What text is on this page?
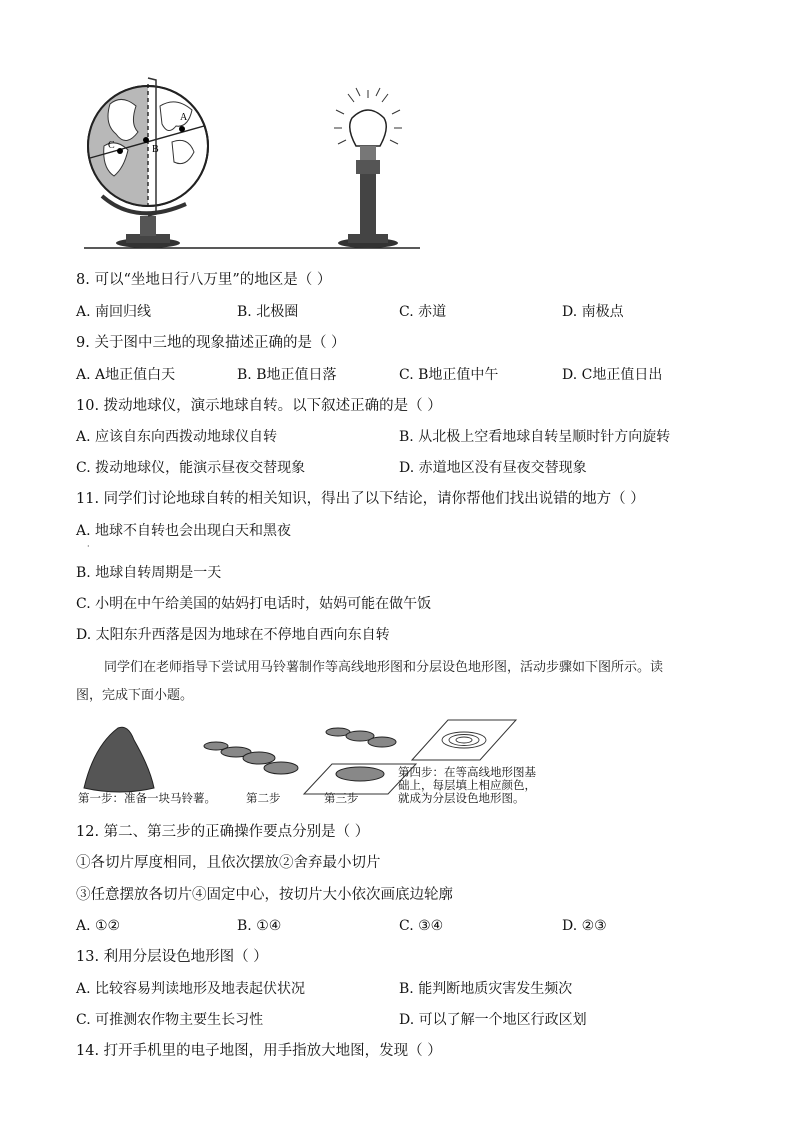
A
B
C
8. 可以“坐地日行八万里”的地区是（ ）
A. 南回归线	B. 北极圈	C. 赤道	D. 南极点
9. 关于图中三地的现象描述正确的是（ ）
A. A地正值白天	B. B地正值日落	C. B地正值中午	D. C地正值日出
10. 拨动地球仪，演示地球自转。以下叙述正确的是（ ）
A. 应该自东向西拨动地球仪自转	B. 从北极上空看地球自转呈顺时针方向旋转
C. 拨动地球仪，能演示昼夜交替现象	D. 赤道地区没有昼夜交替现象
11. 同学们讨论地球自转的相关知识，得出了以下结论，请你帮他们找出说错的地方（ ）
A. 地球不自转也会出现白天和黑夜
·
B. 地球自转周期是一天
C. 小明在中午给美国的姑妈打电话时，姑妈可能在做午饭
D. 太阳东升西落是因为地球在不停地自西向东自转
同学们在老师指导下尝试用马铃薯制作等高线地形图和分层设色地形图，活动步骤如下图所示。读
图，完成下面小题。
第一步：准备一块马铃薯。	第二步	第三步
第四步：在等高线地形图基
础上，每层填上相应颜色，
就成为分层设色地形图。
12. 第二、第三步的正确操作要点分别是（ ）
①各切片厚度相同，且依次摆放②舍弃最小切片
③任意摆放各切片④固定中心，按切片大小依次画底边轮廓
A. ①②	B. ①④	C. ③④	D. ②③
13. 利用分层设色地形图（ ）
A. 比较容易判读地形及地表起伏状况	B. 能判断地质灾害发生频次
C. 可推测农作物主要生长习性	D. 可以了解一个地区行政区划
14. 打开手机里的电子地图，用手指放大地图，发现（ ）
